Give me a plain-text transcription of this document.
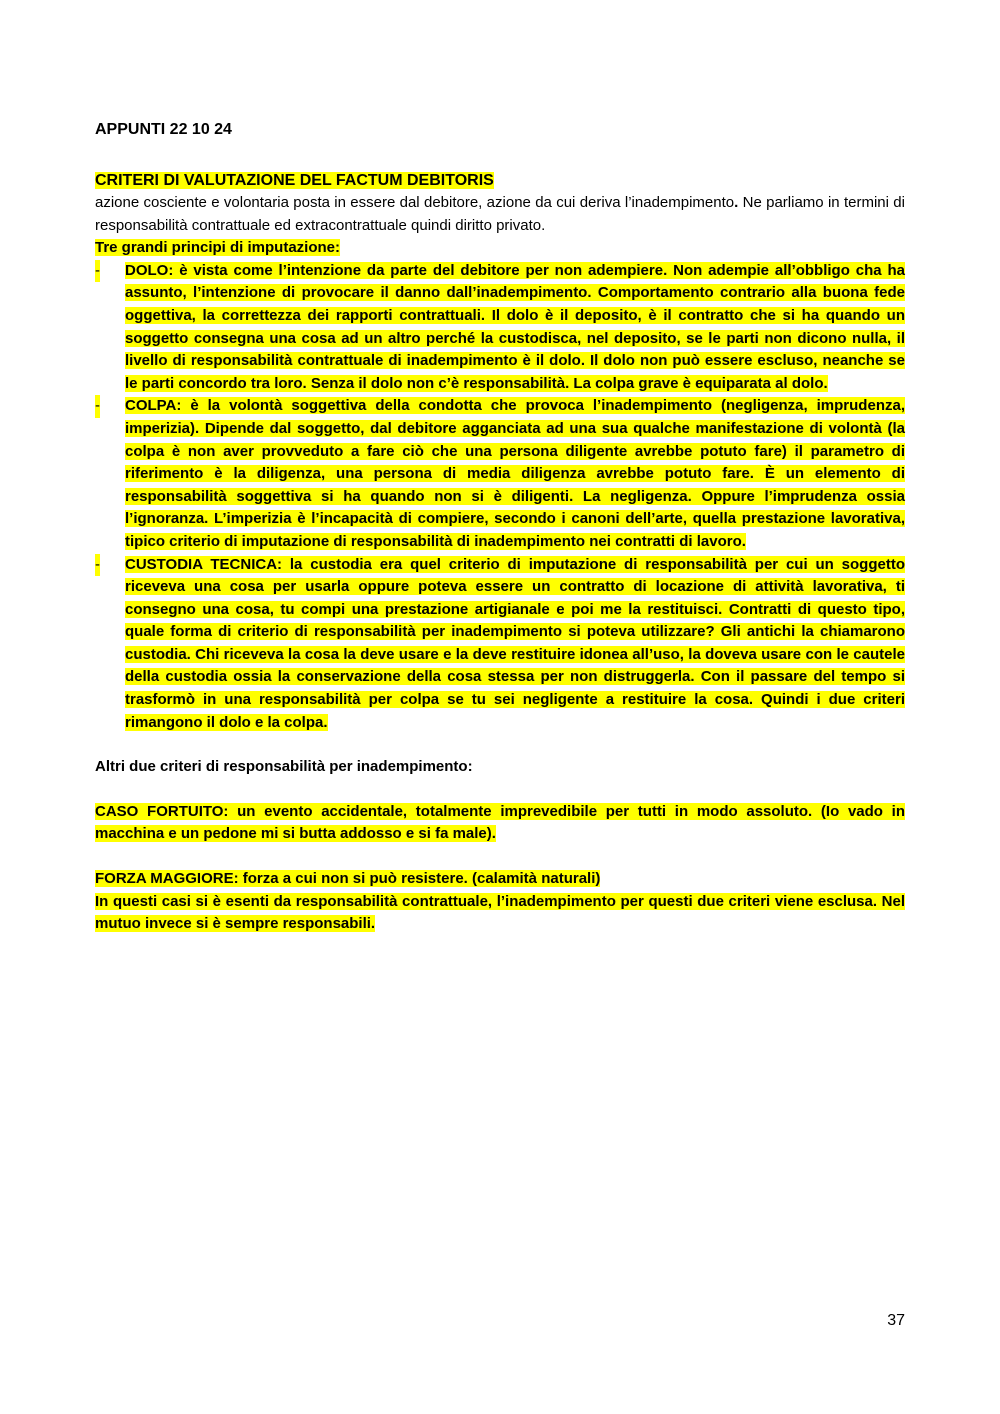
APPUNTI 22 10 24
CRITERI DI VALUTAZIONE DEL FACTUM DEBITORIS

azione cosciente e volontaria posta in essere dal debitore, azione da cui deriva l’inadempimento. Ne parliamo in termini di responsabilità contrattuale ed extracontrattuale quindi diritto privato.

Tre grandi principi di imputazione:

- DOLO: è vista come l’intenzione da parte del debitore per non adempiere. Non adempie all’obbligo cha ha assunto, l’intenzione di provocare il danno dall’inadempimento. Comportamento contrario alla buona fede oggettiva, la correttezza dei rapporti contrattuali. Il dolo è il deposito, è il contratto che si ha quando un soggetto consegna una cosa ad un altro perché la custodisca, nel deposito, se le parti non dicono nulla, il livello di responsabilità contrattuale di inadempimento è il dolo. Il dolo non può essere escluso, neanche se le parti concordo tra loro. Senza il dolo non c’è responsabilità. La colpa grave è equiparata al dolo.
- COLPA: è la volontà soggettiva della condotta che provoca l’inadempimento (negligenza, imprudenza, imperizia). Dipende dal soggetto, dal debitore agganciata ad una sua qualche manifestazione di volontà (la colpa è non aver provveduto a fare ciò che una persona diligente avrebbe potuto fare) il parametro di riferimento è la diligenza, una persona di media diligenza avrebbe potuto fare. È un elemento di responsabilità soggettiva si ha quando non si è diligenti. La negligenza. Oppure l’imprudenza ossia l’ignoranza. L’imperizia è l’incapacità di compiere, secondo i canoni dell’arte, quella prestazione lavorativa, tipico criterio di imputazione di responsabilità di inadempimento nei contratti di lavoro.
- CUSTODIA TECNICA: la custodia era quel criterio di imputazione di responsabilità per cui un soggetto riceveva una cosa per usarla oppure poteva essere un contratto di locazione di attività lavorativa, ti consegno una cosa, tu compi una prestazione artigianale e poi me la restituisci. Contratti di questo tipo, quale forma di criterio di responsabilità per inadempimento si poteva utilizzare? Gli antichi la chiamarono custodia. Chi riceveva la cosa la deve usare e la deve restituire idonea all’uso, la doveva usare con le cautele della custodia ossia la conservazione della cosa stessa per non distruggerla. Con il passare del tempo si trasformò in una responsabilità per colpa se tu sei negligente a restituire la cosa. Quindi i due criteri rimangono il dolo e la colpa.

Altri due criteri di responsabilità per inadempimento:

CASO FORTUITO: un evento accidentale, totalmente imprevedibile per tutti in modo assoluto. (Io vado in macchina e un pedone mi si butta addosso e si fa male).

FORZA MAGGIORE: forza a cui non si può resistere. (calamità naturali)

In questi casi si è esenti da responsabilità contrattuale, l’inadempimento per questi due criteri viene esclusa. Nel mutuo invece si è sempre responsabili.

37
